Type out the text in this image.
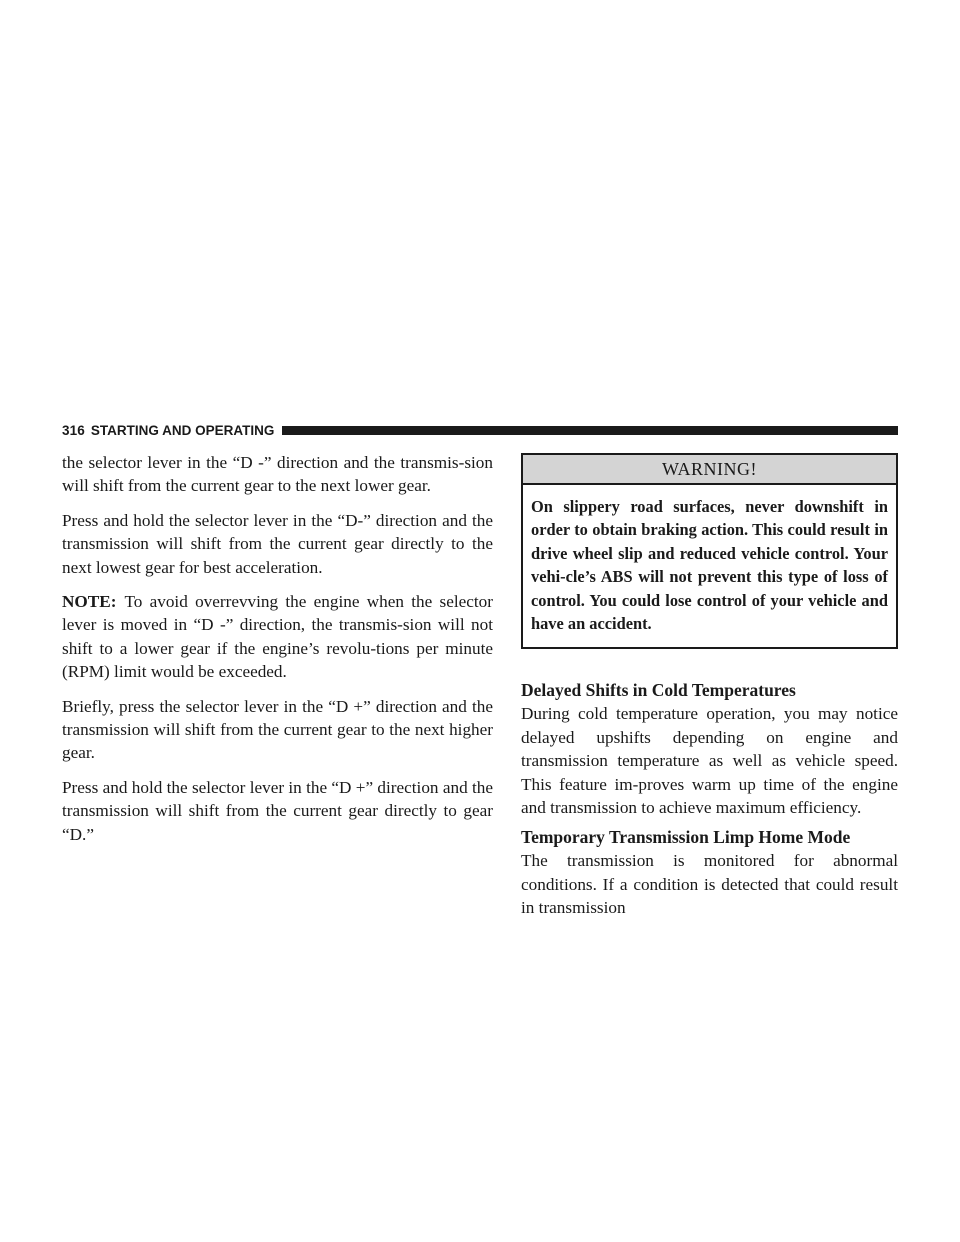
316 STARTING AND OPERATING

the selector lever in the “D -” direction and the transmis-sion will shift from the current gear to the next lower gear.

Press and hold the selector lever in the “D-” direction and the transmission will shift from the current gear directly to the next lowest gear for best acceleration.

NOTE: To avoid overrevving the engine when the selector lever is moved in “D -” direction, the transmis-sion will not shift to a lower gear if the engine’s revolu-tions per minute (RPM) limit would be exceeded.

Briefly, press the selector lever in the “D +” direction and the transmission will shift from the current gear to the next higher gear.

Press and hold the selector lever in the “D +” direction and the transmission will shift from the current gear directly to gear “D.”

WARNING!

On slippery road surfaces, never downshift in order to obtain braking action. This could result in drive wheel slip and reduced vehicle control. Your vehi-cle’s ABS will not prevent this type of loss of control. You could lose control of your vehicle and have an accident.

Delayed Shifts in Cold Temperatures

During cold temperature operation, you may notice delayed upshifts depending on engine and transmission temperature as well as vehicle speed. This feature im-proves warm up time of the engine and transmission to achieve maximum efficiency.

Temporary Transmission Limp Home Mode

The transmission is monitored for abnormal conditions. If a condition is detected that could result in transmission
